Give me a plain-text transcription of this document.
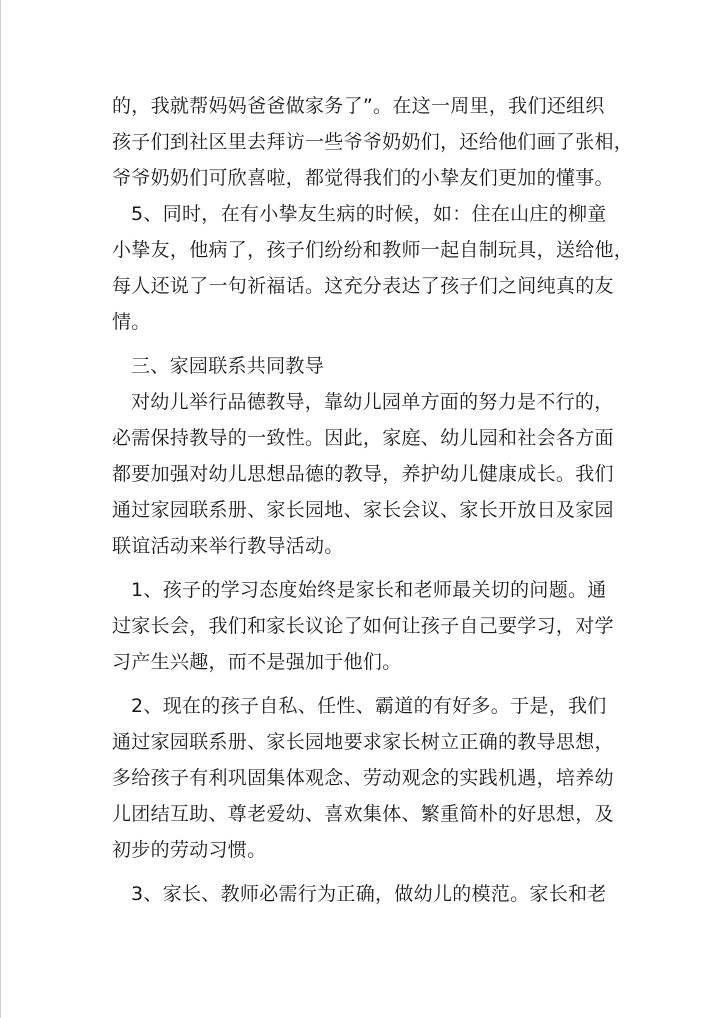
的，我就帮妈妈爸爸做家务了”。在这一周里，我们还组织
孩子们到社区里去拜访一些爷爷奶奶们，还给他们画了张相，
爷爷奶奶们可欣喜啦，都觉得我们的小挚友们更加的懂事。
5、同时，在有小挚友生病的时候，如：住在山庄的柳童
小挚友，他病了，孩子们纷纷和教师一起自制玩具，送给他，
每人还说了一句祈福话。这充分表达了孩子们之间纯真的友
情。
三、家园联系共同教导
对幼儿举行品德教导，靠幼儿园单方面的努力是不行的，
必需保持教导的一致性。因此，家庭、幼儿园和社会各方面
都要加强对幼儿思想品德的教导，养护幼儿健康成长。我们
通过家园联系册、家长园地、家长会议、家长开放日及家园
联谊活动来举行教导活动。
1、孩子的学习态度始终是家长和老师最关切的问题。通
过家长会，我们和家长议论了如何让孩子自己要学习，对学
习产生兴趣，而不是强加于他们。
2、现在的孩子自私、任性、霸道的有好多。于是，我们
通过家园联系册、家长园地要求家长树立正确的教导思想，
多给孩子有利巩固集体观念、劳动观念的实践机遇，培养幼
儿团结互助、尊老爱幼、喜欢集体、繁重简朴的好思想，及
初步的劳动习惯。
3、家长、教师必需行为正确，做幼儿的模范。家长和老
